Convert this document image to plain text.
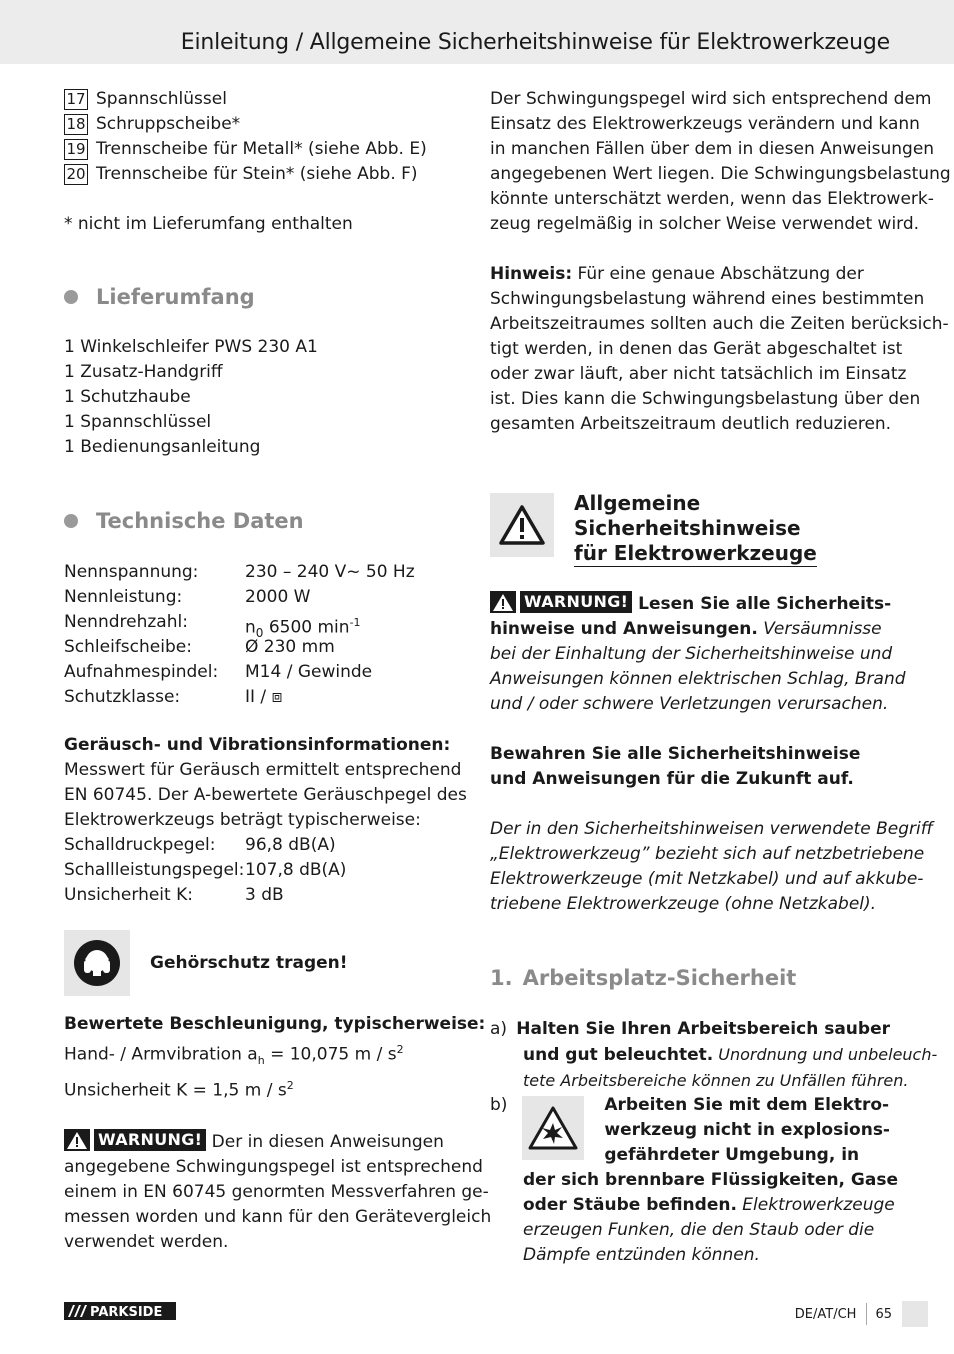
Einleitung / Allgemeine Sicherheitshinweise für Elektrowerkzeuge
17 Spannschlüssel
18 Schruppscheibe*
19 Trennscheibe für Metall* (siehe Abb. E)
20 Trennscheibe für Stein* (siehe Abb. F)
* nicht im Lieferumfang enthalten
Lieferumfang
1 Winkelschleifer PWS 230 A1
1 Zusatz-Handgriff
1 Schutzhaube
1 Spannschlüssel
1 Bedienungsanleitung
Technische Daten
Nennspannung:	230 – 240 V~ 50 Hz
Nennleistung:	2000 W
Nenndrehzahl:	$n_0$ 6500 $\min^{-1}$
Schleifscheibe:	Ø 230 mm
Aufnahmespindel:	M14 / Gewinde
Schutzklasse:	II / ⧈
Geräusch- und Vibrationsinformationen:
Messwert für Geräusch ermittelt entsprechend
EN 60745. Der A-bewertete Geräuschpegel des
Elektrowerkzeugs beträgt typischerweise:
Schalldruckpegel:	96,8 dB(A)
Schallleistungspegel: 107,8 dB(A)
Unsicherheit K:	3 dB
Gehörschutz tragen!
Bewertete Beschleunigung, typischerweise:
Hand- / Armvibration $a_h = 10,075$ m / $s^2$
Unsicherheit K = 1,5 m / $s^2$
WARNUNG! Der in diesen Anweisungen
angegebene Schwingungspegel ist entsprechend
einem in EN 60745 genormten Messverfahren ge-
messen worden und kann für den Gerätevergleich
verwendet werden.
Der Schwingungspegel wird sich entsprechend dem
Einsatz des Elektrowerkzeugs verändern und kann
in manchen Fällen über dem in diesen Anweisungen
angegebenen Wert liegen. Die Schwingungsbelastung
könnte unterschätzt werden, wenn das Elektrowerk-
zeug regelmäßig in solcher Weise verwendet wird.
Hinweis: Für eine genaue Abschätzung der
Schwingungsbelastung während eines bestimmten
Arbeitszeitraumes sollten auch die Zeiten berücksich-
tigt werden, in denen das Gerät abgeschaltet ist
oder zwar läuft, aber nicht tatsächlich im Einsatz
ist. Dies kann die Schwingungsbelastung über den
gesamten Arbeitszeitraum deutlich reduzieren.
Allgemeine
Sicherheitshinweise
für Elektrowerkzeuge
WARNUNG! Lesen Sie alle Sicherheits-
hinweise und Anweisungen. Versäumnisse
bei der Einhaltung der Sicherheitshinweise und
Anweisungen können elektrischen Schlag, Brand
und / oder schwere Verletzungen verursachen.
Bewahren Sie alle Sicherheitshinweise
und Anweisungen für die Zukunft auf.
Der in den Sicherheitshinweisen verwendete Begriff
„Elektrowerkzeug” bezieht sich auf netzbetriebene
Elektrowerkzeuge (mit Netzkabel) und auf akkube-
triebene Elektrowerkzeuge (ohne Netzkabel).
1. Arbeitsplatz-Sicherheit
a) Halten Sie Ihren Arbeitsbereich sauber
und gut beleuchtet. Unordnung und unbeleuch-
tete Arbeitsbereiche können zu Unfällen führen.
b)	Arbeiten Sie mit dem Elektro-
werkzeug nicht in explosions-
gefährdeter Umgebung, in
der sich brennbare Flüssigkeiten, Gase
oder Stäube befinden. Elektrowerkzeuge
erzeugen Funken, die den Staub oder die
Dämpfe entzünden können.
PARKSIDE	DE/AT/CH 65
